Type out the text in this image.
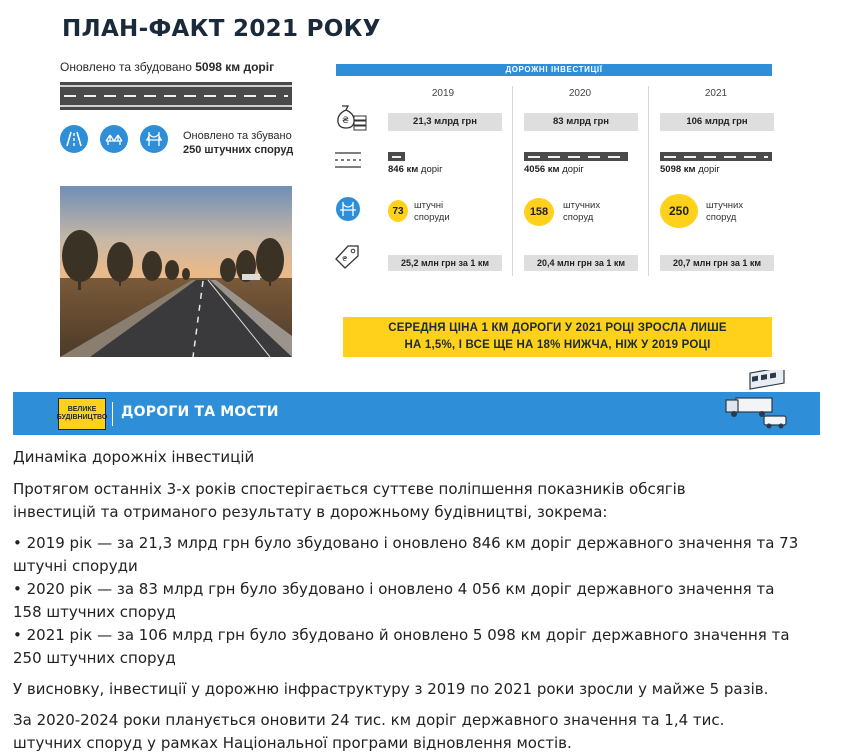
ПЛАН-ФАКТ 2021 РОКУ
Оновлено та збудовано 5098 км доріг
Оновлено та збувано
250 штучних споруд
ДОРОЖНІ ІНВЕСТИЦІЇ
₴
₴
2019
21,3 млрд грн
846 км доріг
73	штучні
споруди
25,2 млн грн за 1 км
2020
83 млрд грн
4056 км доріг
158
штучних
споруд
20,4 млн грн за 1 км
2021
106 млрд грн
5098 км доріг
250	штучних
споруд
20,7 млн грн за 1 км
СЕРЕДНЯ ЦІНА 1 КМ ДОРОГИ У 2021 РОЦІ ЗРОСЛА ЛИШЕ
НА 1,5%, І ВСЕ ЩЕ НА 18% НИЖЧА, НІЖ У 2019 РОЦІ
ВЕЛИКЕ
БУДІВНИЦТВО ДОРОГИ ТА МОСТИ
Динаміка дорожніх інвестицій
Протягом останніх 3-х років спостерігається суттєве поліпшення показників обсягів
інвестицій та отриманого результату в дорожньому будівництві, зокрема:
• 2019 рік — за 21,3 млрд грн було збудовано і оновлено 846 км доріг державного значення та 73
штучні споруди
• 2020 рік — за 83 млрд грн було збудовано і оновлено 4 056 км доріг державного значення та
158 штучних споруд
• 2021 рік — за 106 млрд грн було збудовано й оновлено 5 098 км доріг державного значення та
250 штучних споруд
У висновку, інвестиції у дорожню інфраструктуру з 2019 по 2021 роки зросли у майже 5 разів.
За 2020-2024 роки планується оновити 24 тис. км доріг державного значення та 1,4 тис.
штучних споруд у рамках Національної програми відновлення мостів.
